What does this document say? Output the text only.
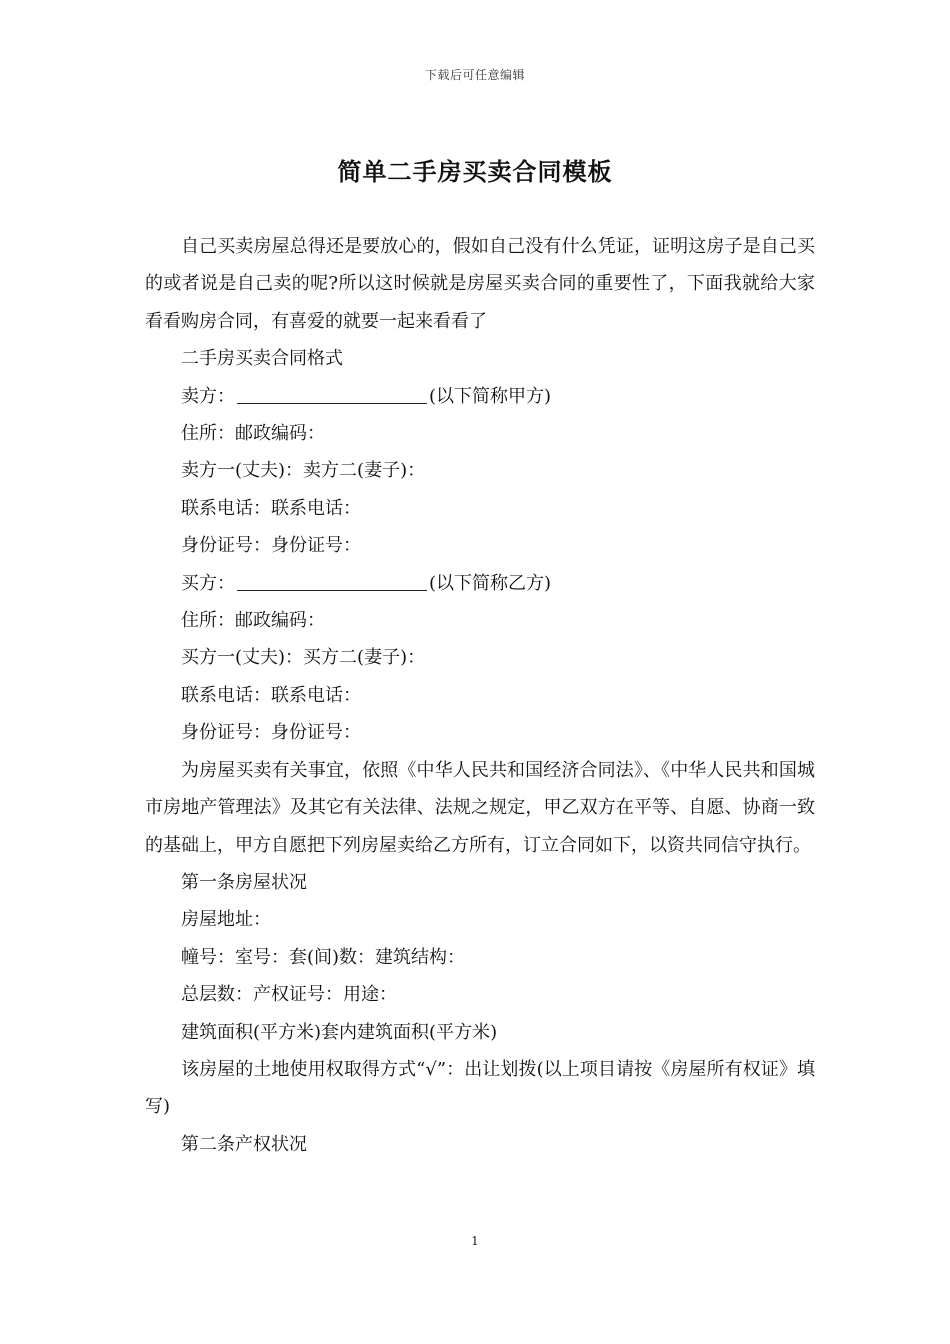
下载后可任意编辑
简单二手房买卖合同模板

自己买卖房屋总得还是要放心的，假如自己没有什么凭证，证明这房子是自己买的或者说是自己卖的呢?所以这时候就是房屋买卖合同的重要性了，下面我就给大家看看购房合同，有喜爱的就要一起来看看了

二手房买卖合同格式

卖方：	(以下简称甲方)

住所：邮政编码：

卖方一(丈夫)：卖方二(妻子)：

联系电话：联系电话：

身份证号：身份证号：

买方：	(以下简称乙方)

住所：邮政编码：

买方一(丈夫)：买方二(妻子)：

联系电话：联系电话：

身份证号：身份证号：

为房屋买卖有关事宜，依照《中华人民共和国经济合同法》、《中华人民共和国城市房地产管理法》及其它有关法律、法规之规定，甲乙双方在平等、自愿、协商一致的基础上，甲方自愿把下列房屋卖给乙方所有，订立合同如下，以资共同信守执行。

第一条房屋状况

房屋地址：

幢号：室号：套(间)数：建筑结构：

总层数：产权证号：用途：

建筑面积(平方米)套内建筑面积(平方米)

该房屋的土地使用权取得方式“√”：出让划拨(以上项目请按《房屋所有权证》填写)

第二条产权状况

1
